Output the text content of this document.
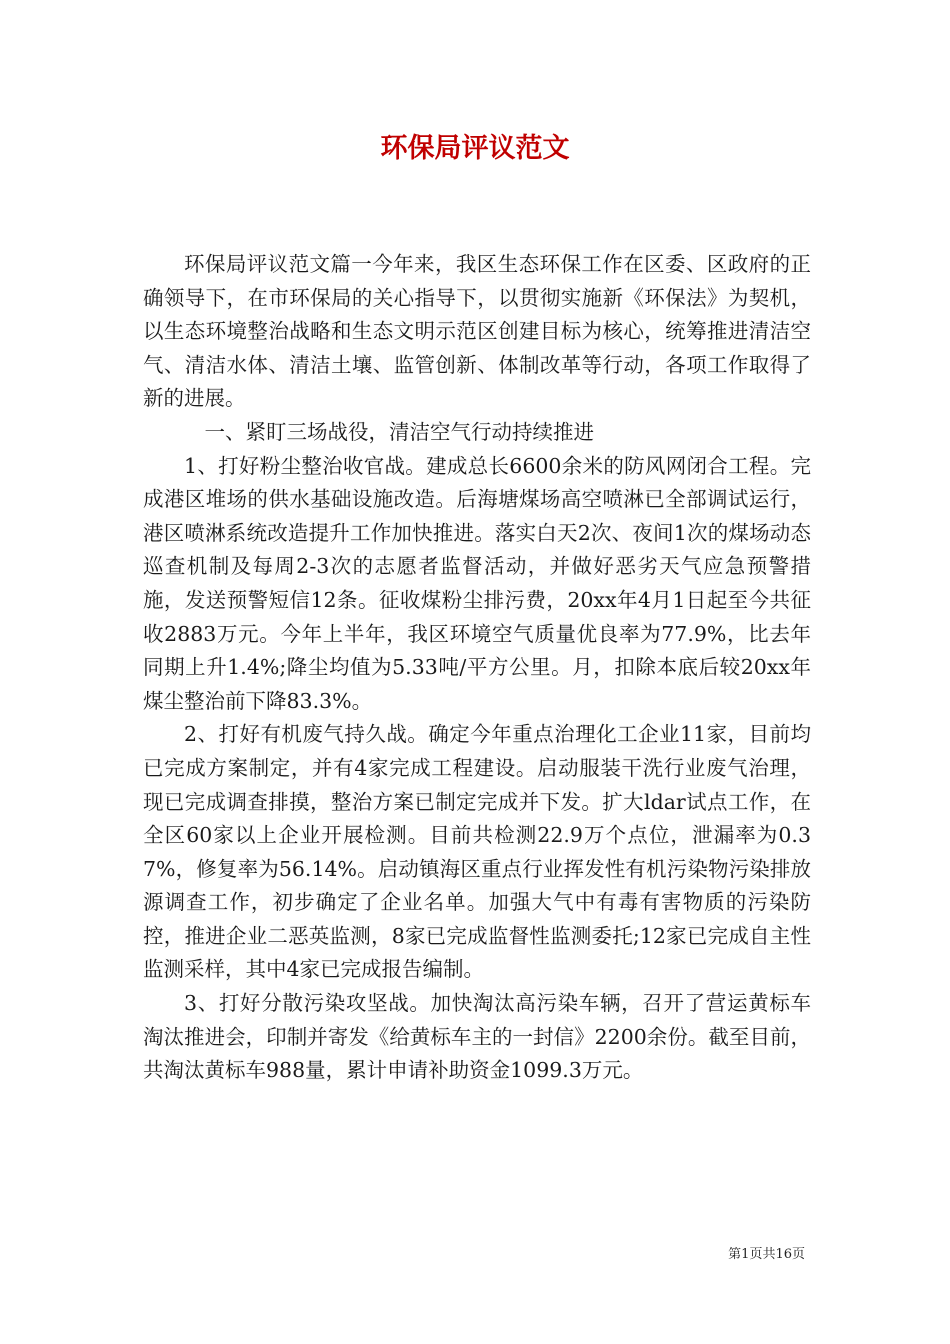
环保局评议范文

环保局评议范文篇一今年来，我区生态环保工作在区委、区政府的正确领导下，在市环保局的关心指导下，以贯彻实施新《环保法》为契机，以生态环境整治战略和生态文明示范区创建目标为核心，统筹推进清洁空气、清洁水体、清洁土壤、监管创新、体制改革等行动，各项工作取得了新的进展。

一、紧盯三场战役，清洁空气行动持续推进

1、打好粉尘整治收官战。建成总长6600余米的防风网闭合工程。完成港区堆场的供水基础设施改造。后海塘煤场高空喷淋已全部调试运行，港区喷淋系统改造提升工作加快推进。落实白天2次、夜间1次的煤场动态巡查机制及每周2-3次的志愿者监督活动，并做好恶劣天气应急预警措施，发送预警短信12条。征收煤粉尘排污费，20xx年4月1日起至今共征收2883万元。今年上半年，我区环境空气质量优良率为77.9%，比去年同期上升1.4%;降尘均值为5.33吨/平方公里。月，扣除本底后较20xx年煤尘整治前下降83.3%。

2、打好有机废气持久战。确定今年重点治理化工企业11家，目前均已完成方案制定，并有4家完成工程建设。启动服装干洗行业废气治理，现已完成调查排摸，整治方案已制定完成并下发。扩大ldar试点工作，在全区60家以上企业开展检测。目前共检测22.9万个点位，泄漏率为0.37%，修复率为56.14%。启动镇海区重点行业挥发性有机污染物污染排放源调查工作，初步确定了企业名单。加强大气中有毒有害物质的污染防控，推进企业二恶英监测，8家已完成监督性监测委托;12家已完成自主性监测采样，其中4家已完成报告编制。

3、打好分散污染攻坚战。加快淘汰高污染车辆，召开了营运黄标车淘汰推进会，印制并寄发《给黄标车主的一封信》2200余份。截至目前，共淘汰黄标车988量，累计申请补助资金1099.3万元。

第1页共16页
